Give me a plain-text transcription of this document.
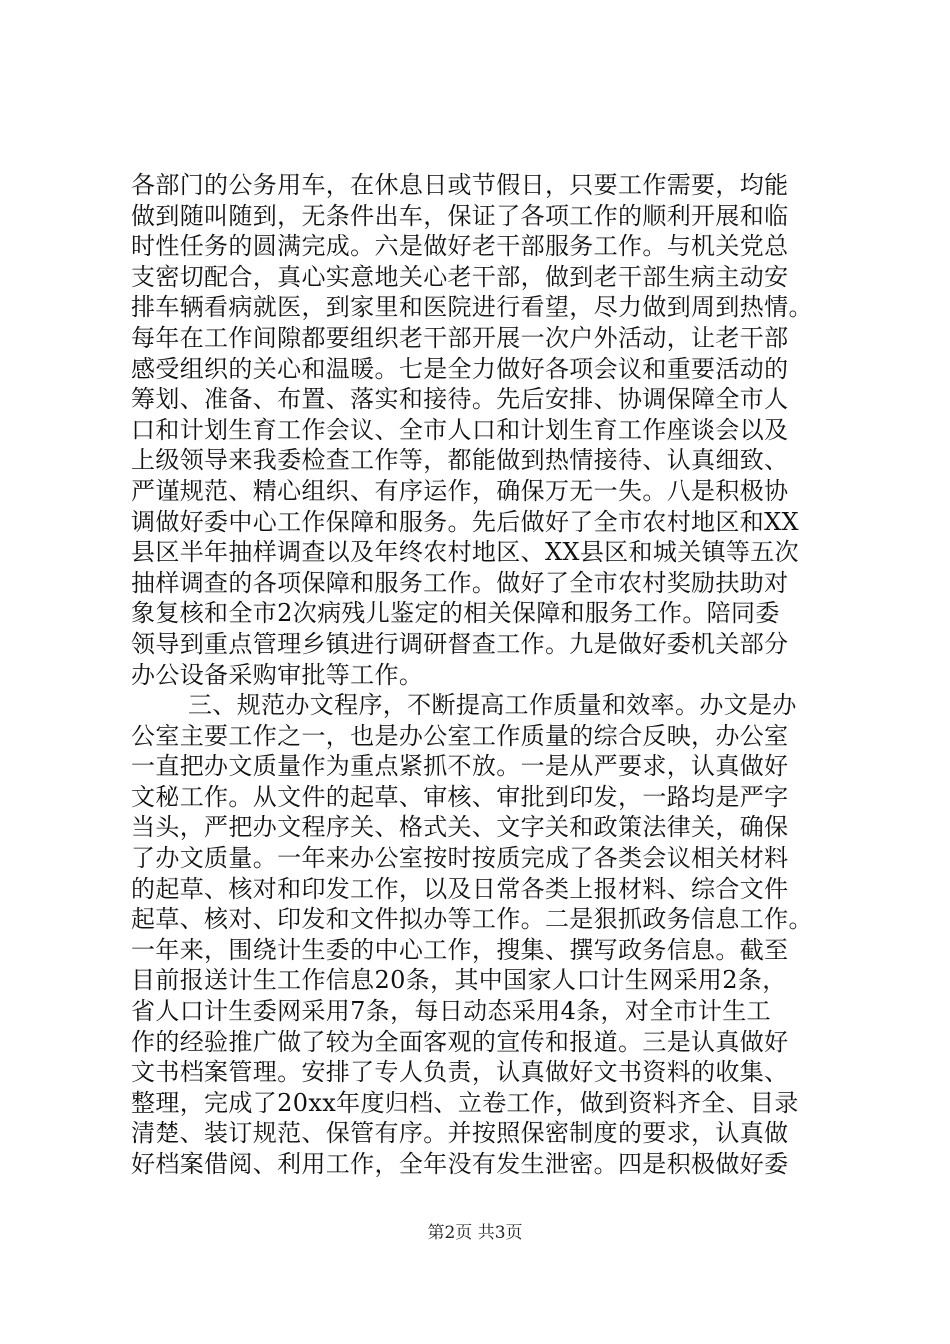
各部门的公务用车，在休息日或节假日，只要工作需要，均能
做到随叫随到，无条件出车，保证了各项工作的顺利开展和临
时性任务的圆满完成。六是做好老干部服务工作。与机关党总
支密切配合，真心实意地关心老干部，做到老干部生病主动安
排车辆看病就医，到家里和医院进行看望，尽力做到周到热情。
每年在工作间隙都要组织老干部开展一次户外活动，让老干部
感受组织的关心和温暖。七是全力做好各项会议和重要活动的
筹划、准备、布置、落实和接待。先后安排、协调保障全市人
口和计划生育工作会议、全市人口和计划生育工作座谈会以及
上级领导来我委检查工作等，都能做到热情接待、认真细致、
严谨规范、精心组织、有序运作，确保万无一失。八是积极协
调做好委中心工作保障和服务。先后做好了全市农村地区和XX
县区半年抽样调查以及年终农村地区、XX县区和城关镇等五次
抽样调查的各项保障和服务工作。做好了全市农村奖励扶助对
象复核和全市2次病残儿鉴定的相关保障和服务工作。陪同委
领导到重点管理乡镇进行调研督查工作。九是做好委机关部分
办公设备采购审批等工作。
三、规范办文程序，不断提高工作质量和效率。办文是办
公室主要工作之一，也是办公室工作质量的综合反映，办公室
一直把办文质量作为重点紧抓不放。一是从严要求，认真做好
文秘工作。从文件的起草、审核、审批到印发，一路均是严字
当头，严把办文程序关、格式关、文字关和政策法律关，确保
了办文质量。一年来办公室按时按质完成了各类会议相关材料
的起草、核对和印发工作，以及日常各类上报材料、综合文件
起草、核对、印发和文件拟办等工作。二是狠抓政务信息工作。
一年来，围绕计生委的中心工作，搜集、撰写政务信息。截至
目前报送计生工作信息20条，其中国家人口计生网采用2条，
省人口计生委网采用7条，每日动态采用4条，对全市计生工
作的经验推广做了较为全面客观的宣传和报道。三是认真做好
文书档案管理。安排了专人负责，认真做好文书资料的收集、
整理，完成了20xx年度归档、立卷工作，做到资料齐全、目录
清楚、装订规范、保管有序。并按照保密制度的要求，认真做
好档案借阅、利用工作，全年没有发生泄密。四是积极做好委
第2页 共3页
